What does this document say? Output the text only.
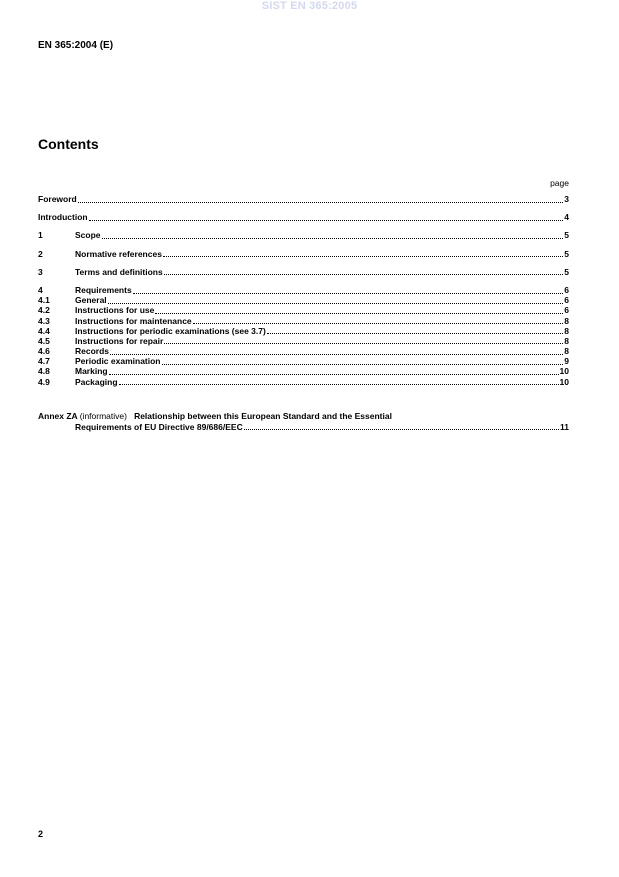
SIST EN 365:2005
EN 365:2004 (E)
Contents
page
Foreword	3
Introduction	4
1	Scope	5
2	Normative references	5
3	Terms and definitions	5
4	Requirements	6
4.1	General	6
4.2	Instructions for use	6
4.3	Instructions for maintenance	8
4.4	Instructions for periodic examinations (see 3.7)	8
4.5	Instructions for repair	8
4.6	Records	8
4.7	Periodic examination	9
4.8	Marking	10
4.9	Packaging	10
Annex ZA (informative) Relationship between this European Standard and the Essential
Requirements of EU Directive 89/686/EEC	11
2
